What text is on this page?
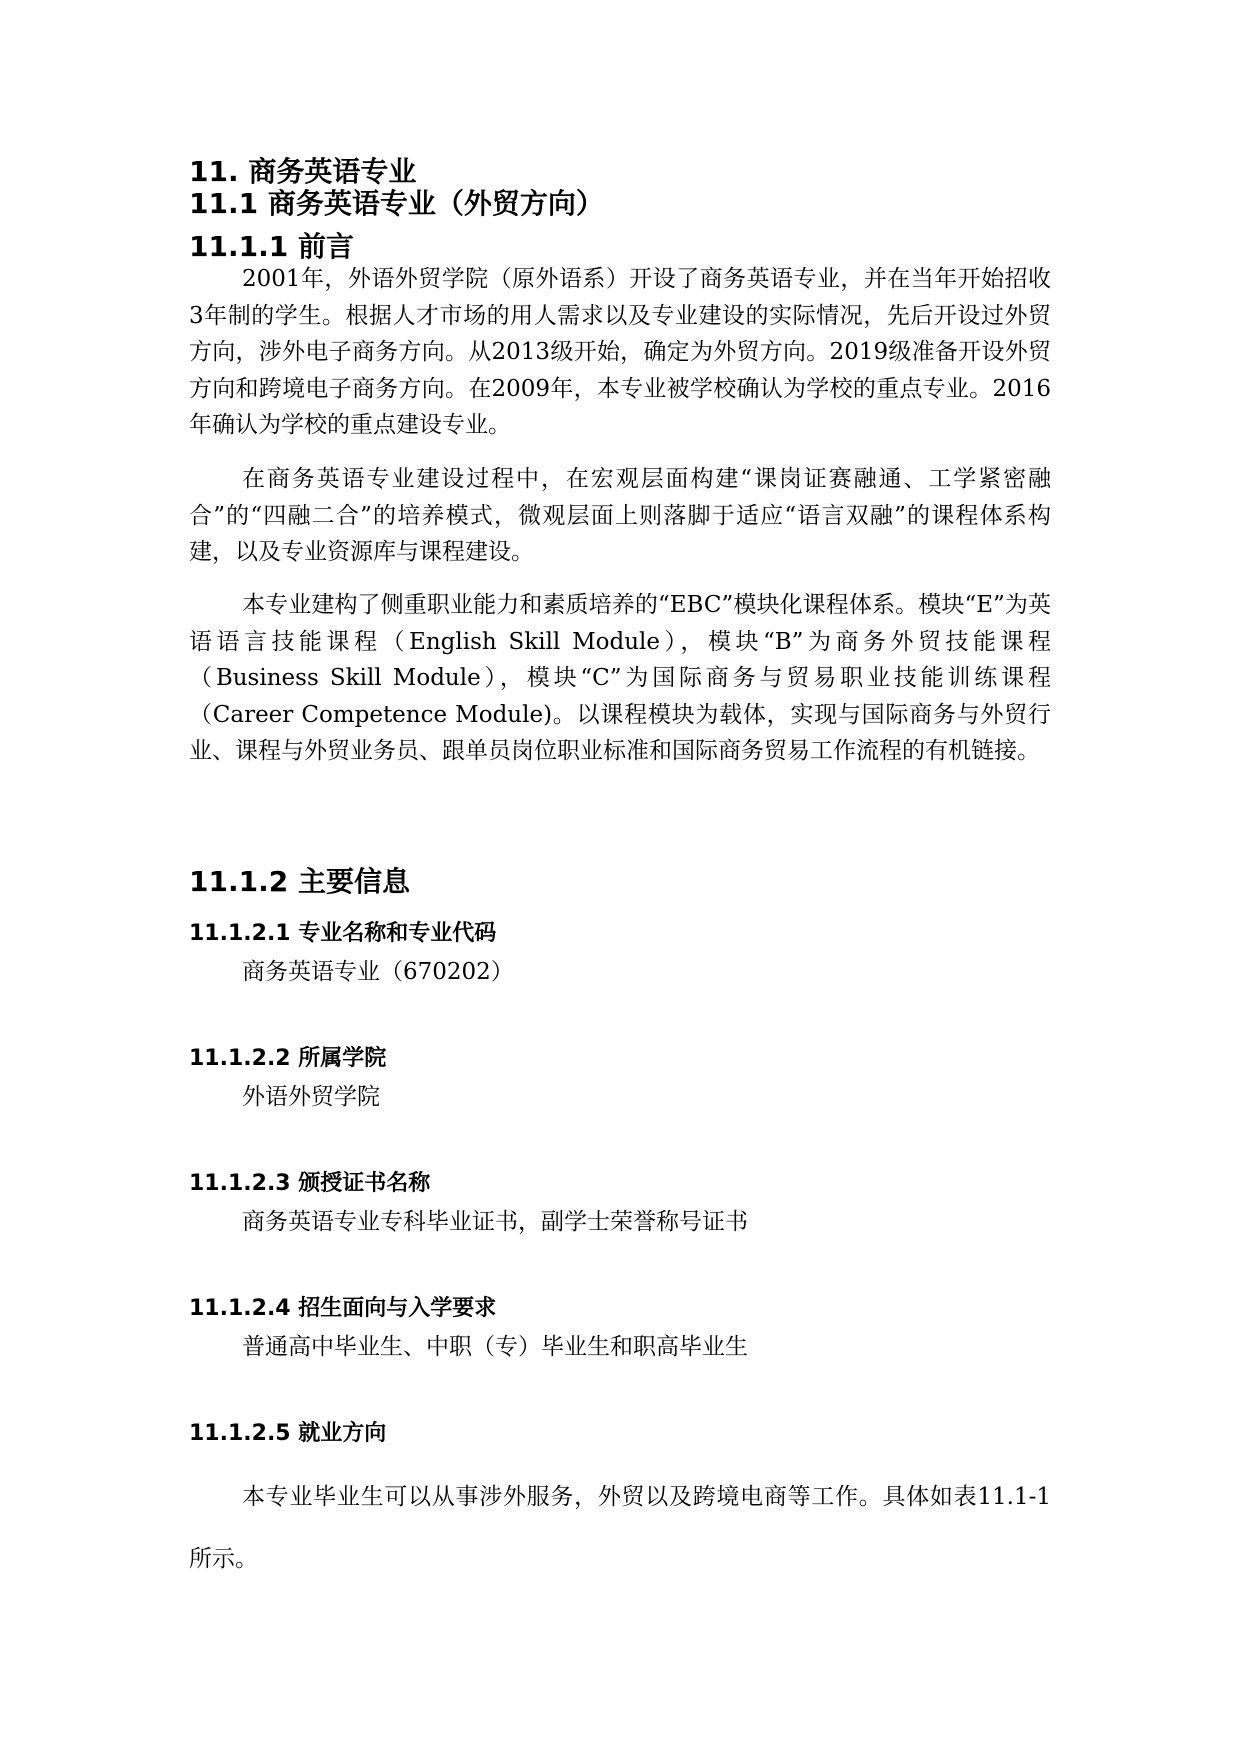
11. 商务英语专业
11.1 商务英语专业（外贸方向）
11.1.1 前言

2001年，外语外贸学院（原外语系）开设了商务英语专业，并在当年开始招收3年制的学生。根据人才市场的用人需求以及专业建设的实际情况，先后开设过外贸方向，涉外电子商务方向。从2013级开始，确定为外贸方向。2019级准备开设外贸方向和跨境电子商务方向。在2009年，本专业被学校确认为学校的重点专业。2016年确认为学校的重点建设专业。

在商务英语专业建设过程中，在宏观层面构建“课岗证赛融通、工学紧密融合”的“四融二合”的培养模式，微观层面上则落脚于适应“语言双融”的课程体系构建，以及专业资源库与课程建设。

本专业建构了侧重职业能力和素质培养的“EBC”模块化课程体系。模块“E”为英语语言技能课程（English Skill Module），模块“B”为商务外贸技能课程（Business Skill Module），模块“C”为国际商务与贸易职业技能训练课程（Career Competence Module)。以课程模块为载体，实现与国际商务与外贸行业、课程与外贸业务员、跟单员岗位职业标准和国际商务贸易工作流程的有机链接。

11.1.2 主要信息
11.1.2.1 专业名称和专业代码

商务英语专业（670202）

11.1.2.2 所属学院

外语外贸学院

11.1.2.3 颁授证书名称

商务英语专业专科毕业证书，副学士荣誉称号证书

11.1.2.4 招生面向与入学要求

普通高中毕业生、中职（专）毕业生和职高毕业生

11.1.2.5 就业方向

本专业毕业生可以从事涉外服务，外贸以及跨境电商等工作。具体如表11.1-1所示。
